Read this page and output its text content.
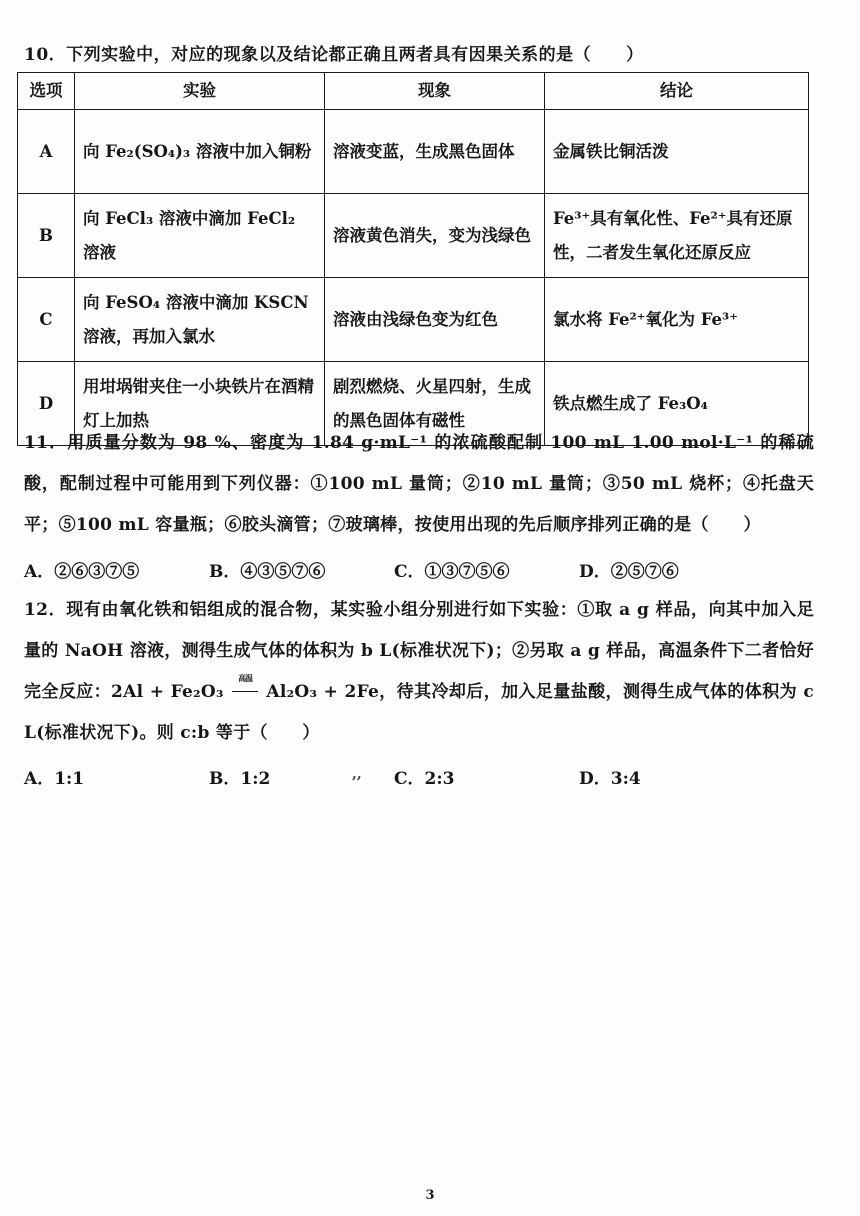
10．下列实验中，对应的现象以及结论都正确且两者具有因果关系的是（　　）
选项	实验	现象	结论
A	向 Fe₂(SO₄)₃ 溶液中加入铜粉	溶液变蓝，生成黑色固体	金属铁比铜活泼
B	向 FeCl₃ 溶液中滴加 FeCl₂ 溶液	溶液黄色消失，变为浅绿色	Fe³⁺具有氧化性、Fe²⁺具有还原性，二者发生氧化还原反应
C	向 FeSO₄ 溶液中滴加 KSCN 溶液，再加入氯水	溶液由浅绿色变为红色	氯水将 Fe²⁺氧化为 Fe³⁺
D	用坩埚钳夹住一小块铁片在酒精灯上加热	剧烈燃烧、火星四射，生成的黑色固体有磁性	铁点燃生成了 Fe₃O₄
11．用质量分数为 98 %、密度为 1.84 g·mL⁻¹ 的浓硫酸配制 100 mL 1.00 mol·L⁻¹ 的稀硫酸，配制过程中可能用到下列仪器：①100 mL 量筒；②10 mL 量筒；③50 mL 烧杯；④托盘天平；⑤100 mL 容量瓶；⑥胶头滴管；⑦玻璃棒，按使用出现的先后顺序排列正确的是（　　）
A．②⑥③⑦⑤	B．④③⑤⑦⑥	C．①③⑦⑤⑥	D．②⑤⑦⑥
12．现有由氧化铁和铝组成的混合物，某实验小组分别进行如下实验：①取 a g 样品，向其中加入足量的 NaOH 溶液，测得生成气体的体积为 b L(标准状况下)；②另取 a g 样品，高温条件下二者恰好完全反应：2Al + Fe₂O₃ $^{高温}$
Al₂O₃ + 2Fe，待其冷却后，加入足量盐酸，测得生成气体的体积为 c L(标准状况下)。则 c:b 等于（　　）
A．1:1	B．1:2	C．2:3	D．3:4
,,
3
